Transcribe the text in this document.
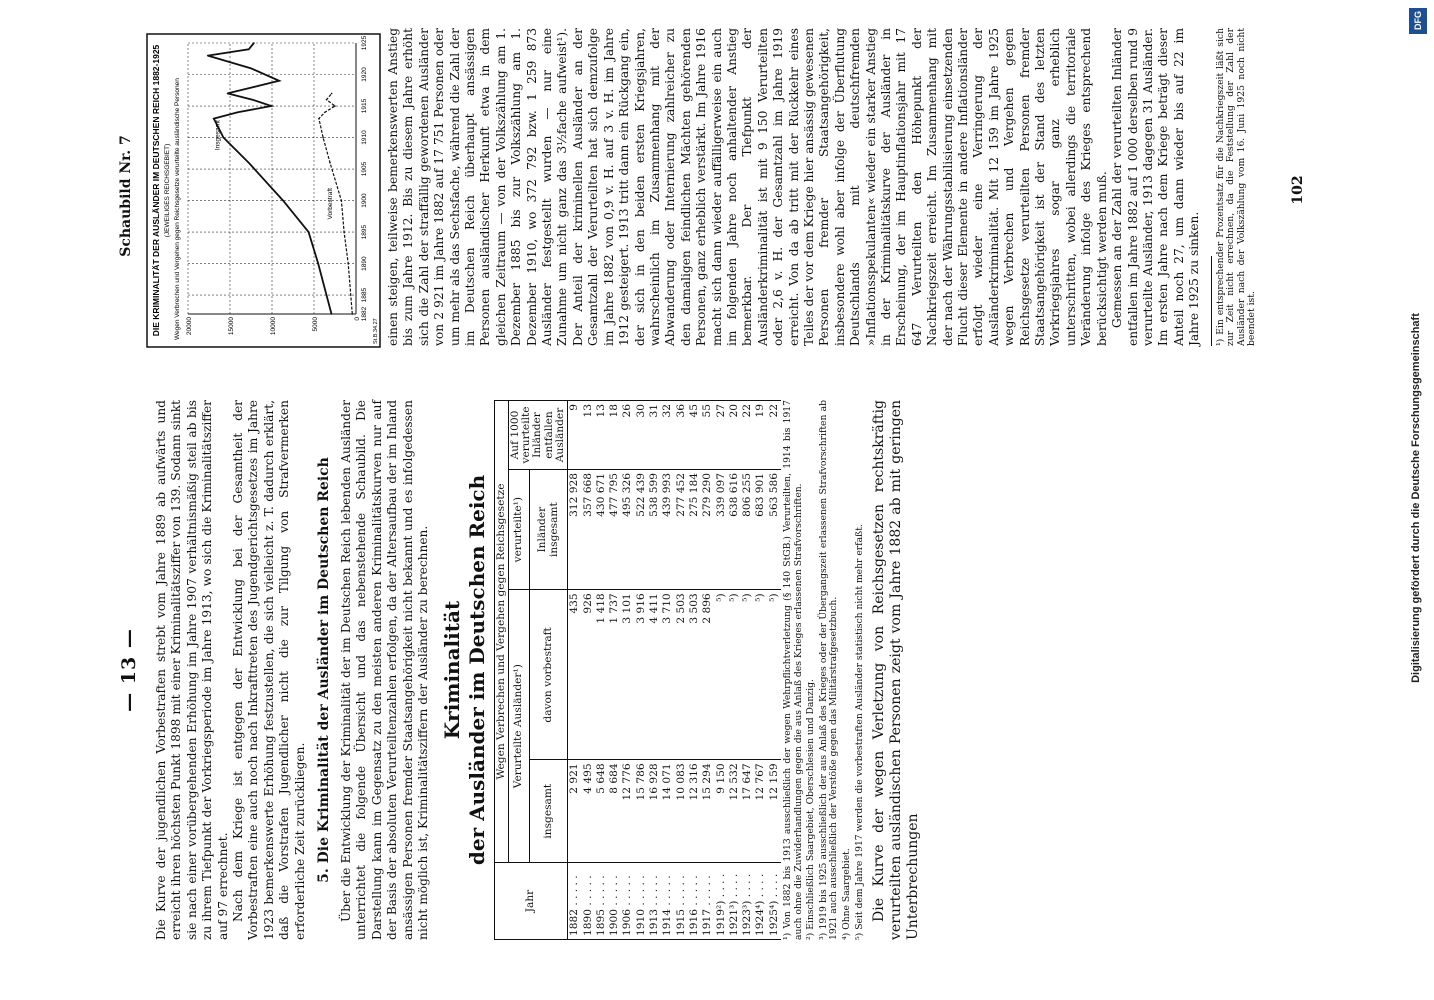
— 13 — Die Kurve der jugendlichen Vorbestraften strebt vom Jahre 1889 ab aufwärts und erreicht ihren höchsten Punkt 1898 mit einer Kriminalitätsziffer von 139. Sodann sinkt sie nach einer vorübergehenden Erhöhung im Jahre 1907 verhältnismäßig steil ab bis zu ihrem Tiefpunkt der Vorkriegsperiode im Jahre 1913, wo sich die Kriminalitätsziffer auf 97 errechnet. Nach dem Kriege ist entgegen der Entwicklung bei der Gesamtheit der Vorbestraften eine auch noch nach Inkrafttreten des Jugendgerichtsgesetzes im Jahre 1923 bemerkenswerte Erhöhung festzustellen, die sich vielleicht z. T. dadurch erklärt, daß die Vorstrafen Jugendlicher nicht die zur Tilgung von Strafvermerken erforderliche Zeit zurückliegen. 5. Die Kriminalität der Ausländer im Deutschen Reich Über die Entwicklung der Kriminalität der im Deutschen Reich lebenden Ausländer unterrichtet die folgende Übersicht und das nebenstehende Schaubild. Die Darstellung kann im Gegensatz zu den meisten anderen Kriminalitätskurven nur auf der Basis der absoluten Verurteiltenzahlen erfolgen, da der Altersaufbau der im Inland ansässigen Personen fremder Staatsangehörigkeit nicht bekannt und es infolgedessen nicht möglich ist, Kriminalitätsziffern der Ausländer zu berechnen. Kriminalität der Ausländer im Deutschen Reich
Jahr	Wegen Verbrechen und Vergehen gegen Reichsgesetze			
	Verurteilte Ausländer¹)		verurteilte¹)	Auf 1000 verurteilte Inländer entfallen Ausländer
	insgesamt	davon vorbestraft	Inländer
insgesamt	
1882 . . . . .	2 921	435	312 928	9
1890 . . . . .	4 495	926	357 668	13
1895 . . . . .	5 648	1 418	430 671	13
1900 . . . . .	8 684	1 737	477 795	18
1906 . . . . .	12 776	3 101	495 326	26
1910 . . . . .	15 786	3 916	522 439	30
1913 . . . . .	16 928	4 411	538 599	31
1914 . . . . .	14 071	3 710	439 993	32
1915 . . . . .	10 083	2 503	277 452	36
1916 . . . . .	12 316	3 503	275 184	45
1917 . . . . .	15 294	2 896	279 290	55
1919²) . . . .	9 150	⁵)	339 097	27
1921³) . . . .	12 532	⁵)	638 616	20
1923³) . . . .	17 647	⁵)	806 255	22
1924⁴) . . . .	12 767	⁵)	683 901	19
1925⁴) . . . .	12 159	⁵)	563 586	22 ¹) Von 1882 bis 1913 ausschließlich der wegen Wehrpflichtverletzung (§ 140 StGB.) Verurteilten, 1914 bis 1917 auch ohne die Zuwiderhandlungen gegen die aus Anlaß des Krieges erlassenen Strafvorschriften. ²) Einschließlich Saargebiet, Oberschlesien und Danzig. ³) 1919 bis 1925 ausschließlich der aus Anlaß des Krieges oder der Übergangszeit erlassenen Strafvorschriften ab 1921 auch ausschließlich der Verstöße gegen das Militärstrafgesetzbuch. ⁴) Ohne Saargebiet. ⁵) Seit dem Jahre 1917 werden die vorbestraften Ausländer statistisch nicht mehr erfaßt. Die Kurve der wegen Verletzung von Reichsgesetzen rechtskräftig verurteilten ausländischen Personen zeigt vom Jahre 1882 ab mit geringen Unterbrechungen

Schaubild Nr. 7 DIE KRIMINALITÄT DER AUSLÄNDER IM DEUTSCHEN REICH 1882-1925 (JEWEILIGES REICHSGEBIET) Wegen Verbrechen und Vergehen gegen Reichsgesetze verurteilte ausländische Personen	0
5000
10000
15000
20000
1882
1885
1890
1895
1900
1905
1910
1915
1920
1925
Insgesamt
Vorbestraft
St.B.34.27 einen steigen, teilweise bemerkenswerten Anstieg bis zum Jahre 1912. Bis zu diesem Jahre erhöht sich die Zahl der straffällig gewordenen Ausländer von 2 921 im Jahre 1882 auf 17 751 Personen oder um mehr als das Sechsfache, während die Zahl der im Deutschen Reich überhaupt ansässigen Personen ausländischer Herkunft etwa in dem gleichen Zeitraum — von der Volkszählung am 1. Dezember 1885 bis zur Volkszählung am 1. Dezember 1910, wo 372 792 bzw. 1 259 873 Ausländer festgestellt wurden — nur eine Zunahme um nicht ganz das 3½fache aufweist¹). Der Anteil der kriminellen Ausländer an der Gesamtzahl der Verurteilten hat sich demzufolge im Jahre 1882 von 0,9 v. H. auf 3 v. H. im Jahre 1912 gesteigert. 1913 tritt dann ein Rückgang ein, der sich in den beiden ersten Kriegsjahren, wahrscheinlich im Zusammenhang mit der Abwanderung oder Internierung zahlreicher zu den damaligen feindlichen Mächten gehörenden Personen, ganz erheblich verstärkt. Im Jahre 1916 macht sich dann wieder auffälligerweise ein auch im folgenden Jahre noch anhaltender Anstieg bemerkbar. Der Tiefpunkt der Ausländerkriminalität ist mit 9 150 Verurteilten oder 2,6 v. H. der Gesamtzahl im Jahre 1919 erreicht. Von da ab tritt mit der Rückkehr eines Teiles der vor dem Kriege hier ansässig gewesenen Personen fremder Staatsangehörigkeit, insbesondere wohl aber infolge der Überflutung Deutschlands mit deutschfremden »Inflationsspekulanten« wieder ein starker Anstieg in der Kriminalitätskurve der Ausländer in Erscheinung, der im Hauptinflationsjahr mit 17 647 Verurteilten den Höhepunkt der Nachkriegszeit erreicht. Im Zusammenhang mit der nach der Währungsstabilisierung einsetzenden Flucht dieser Elemente in andere Inflationsländer erfolgt wieder eine Verringerung der Ausländerkriminalität. Mit 12 159 im Jahre 1925 wegen Verbrechen und Vergehen gegen Reichsgesetze verurteilten Personen fremder Staatsangehörigkeit ist der Stand des letzten Vorkriegsjahres sogar ganz erheblich unterschritten, wobei allerdings die territoriale Veränderung infolge des Krieges entsprechend berücksichtigt werden muß. Gemessen an der Zahl der verurteilten Inländer entfallen im Jahre 1882 auf 1 000 derselben rund 9 verurteilte Ausländer, 1913 dagegen 31 Ausländer. Im ersten Jahre nach dem Kriege beträgt dieser Anteil noch 27, um dann wieder bis auf 22 im Jahre 1925 zu sinken. ¹) Ein entsprechender Prozentsatz für die Nachkriegszeit läßt sich zur Zeit nicht errechnen, da die Feststellung der Zahl der Ausländer nach der Volkszählung vom 16. Juni 1925 noch nicht beendet ist.

102
DFG
Digitalisierung gefördert durch die Deutsche Forschungsgemeinschaft
